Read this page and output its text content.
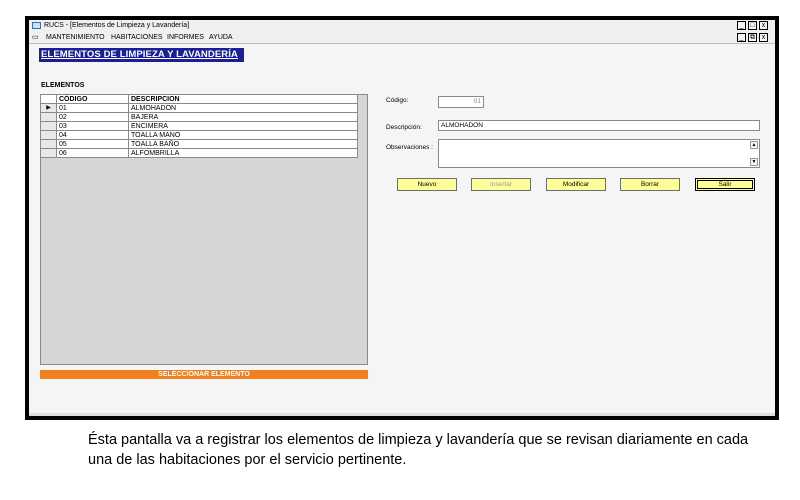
RUCS - [Elementos de Limpieza y Lavandería]	_ □	x
▭ MANTENIMIENTO HABITACIONES INFORMES AYUDA	_ ⧉ x
ELEMENTOS DE LIMPIEZA Y LAVANDERÍA
ELEMENTOS
CÓDIGO	DESCRIPCION
▶	01	ALMOHADON
02	BAJERA
03	ENCIMERA
04	TOALLA MANO
05	TOALLA BAÑO
06	ALFOMBRILLA
SELECCIONAR ELEMENTO
Código:	01
Descripción:	ALMOHADON
Observaciones :	▲
▼
Nuevo	Insertar	Modificar	Borrar	Salir
Ésta pantalla va a registrar los elementos de limpieza y lavandería que se revisan diariamente en cada una de las habitaciones por el servicio pertinente.
